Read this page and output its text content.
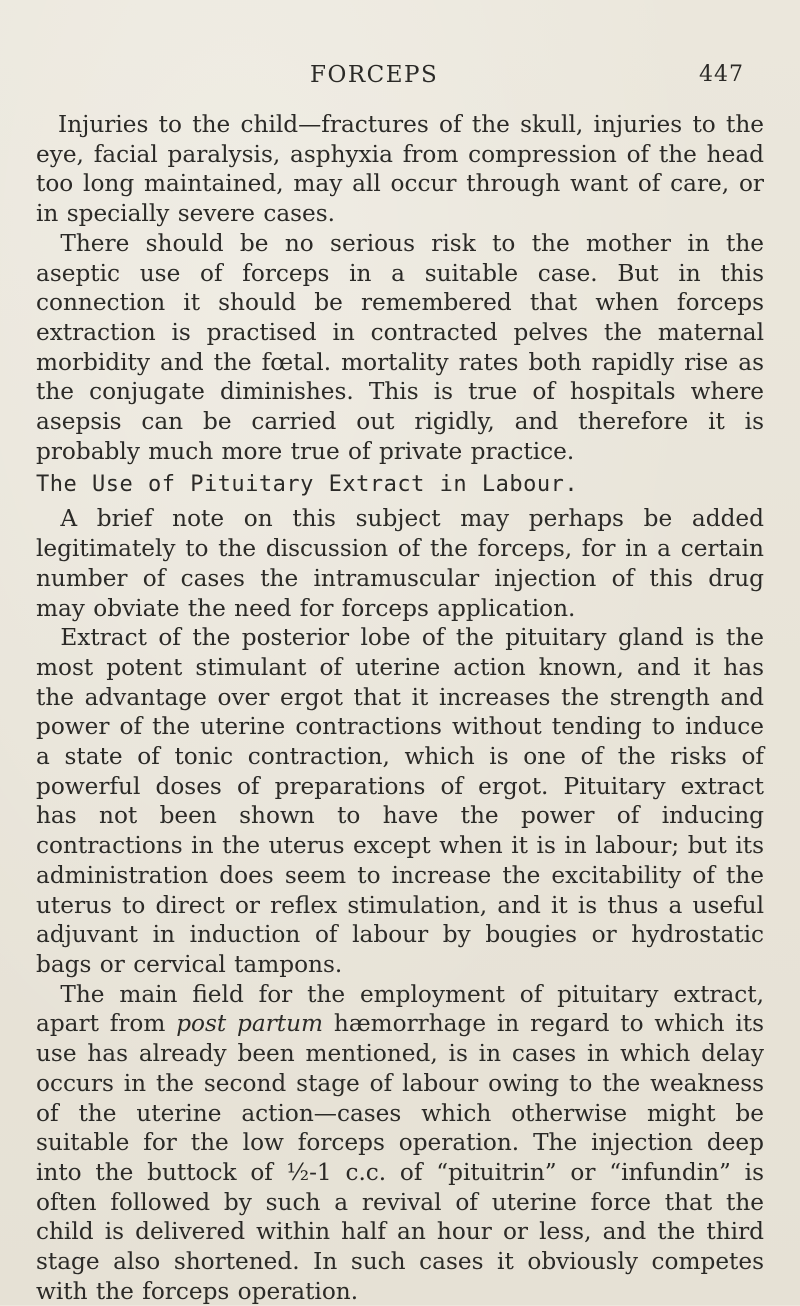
FORCEPS	447

Injuries to the child—fractures of the skull, injuries to the eye, facial paralysis, asphyxia from compression of the head too long maintained, may all occur through want of care, or in specially severe cases.

There should be no serious risk to the mother in the aseptic use of forceps in a suitable case. But in this connection it should be remembered that when forceps extraction is practised in contracted pelves the maternal morbidity and the fœtal. mortality rates both rapidly rise as the conjugate diminishes. This is true of hospitals where asepsis can be carried out rigidly, and therefore it is probably much more true of private practice.

The Use of Pituitary Extract in Labour.

A brief note on this subject may perhaps be added legitimately to the discussion of the forceps, for in a certain number of cases the intramuscular injection of this drug may obviate the need for forceps application.

Extract of the posterior lobe of the pituitary gland is the most potent stimulant of uterine action known, and it has the advantage over ergot that it increases the strength and power of the uterine contractions without tending to induce a state of tonic contraction, which is one of the risks of powerful doses of preparations of ergot. Pituitary extract has not been shown to have the power of inducing contractions in the uterus except when it is in labour; but its administration does seem to increase the excitability of the uterus to direct or reflex stimulation, and it is thus a useful adjuvant in induction of labour by bougies or hydrostatic bags or cervical tampons.

The main field for the employment of pituitary extract, apart from post partum hæmorrhage in regard to which its use has already been mentioned, is in cases in which delay occurs in the second stage of labour owing to the weakness of the uterine action—cases which otherwise might be suitable for the low forceps operation. The injection deep into the buttock of ½-1 c.c. of “pituitrin” or “infundin” is often followed by such a revival of uterine force that the child is delivered within half an hour or less, and the third stage also shortened. In such cases it obviously competes with the forceps operation.
